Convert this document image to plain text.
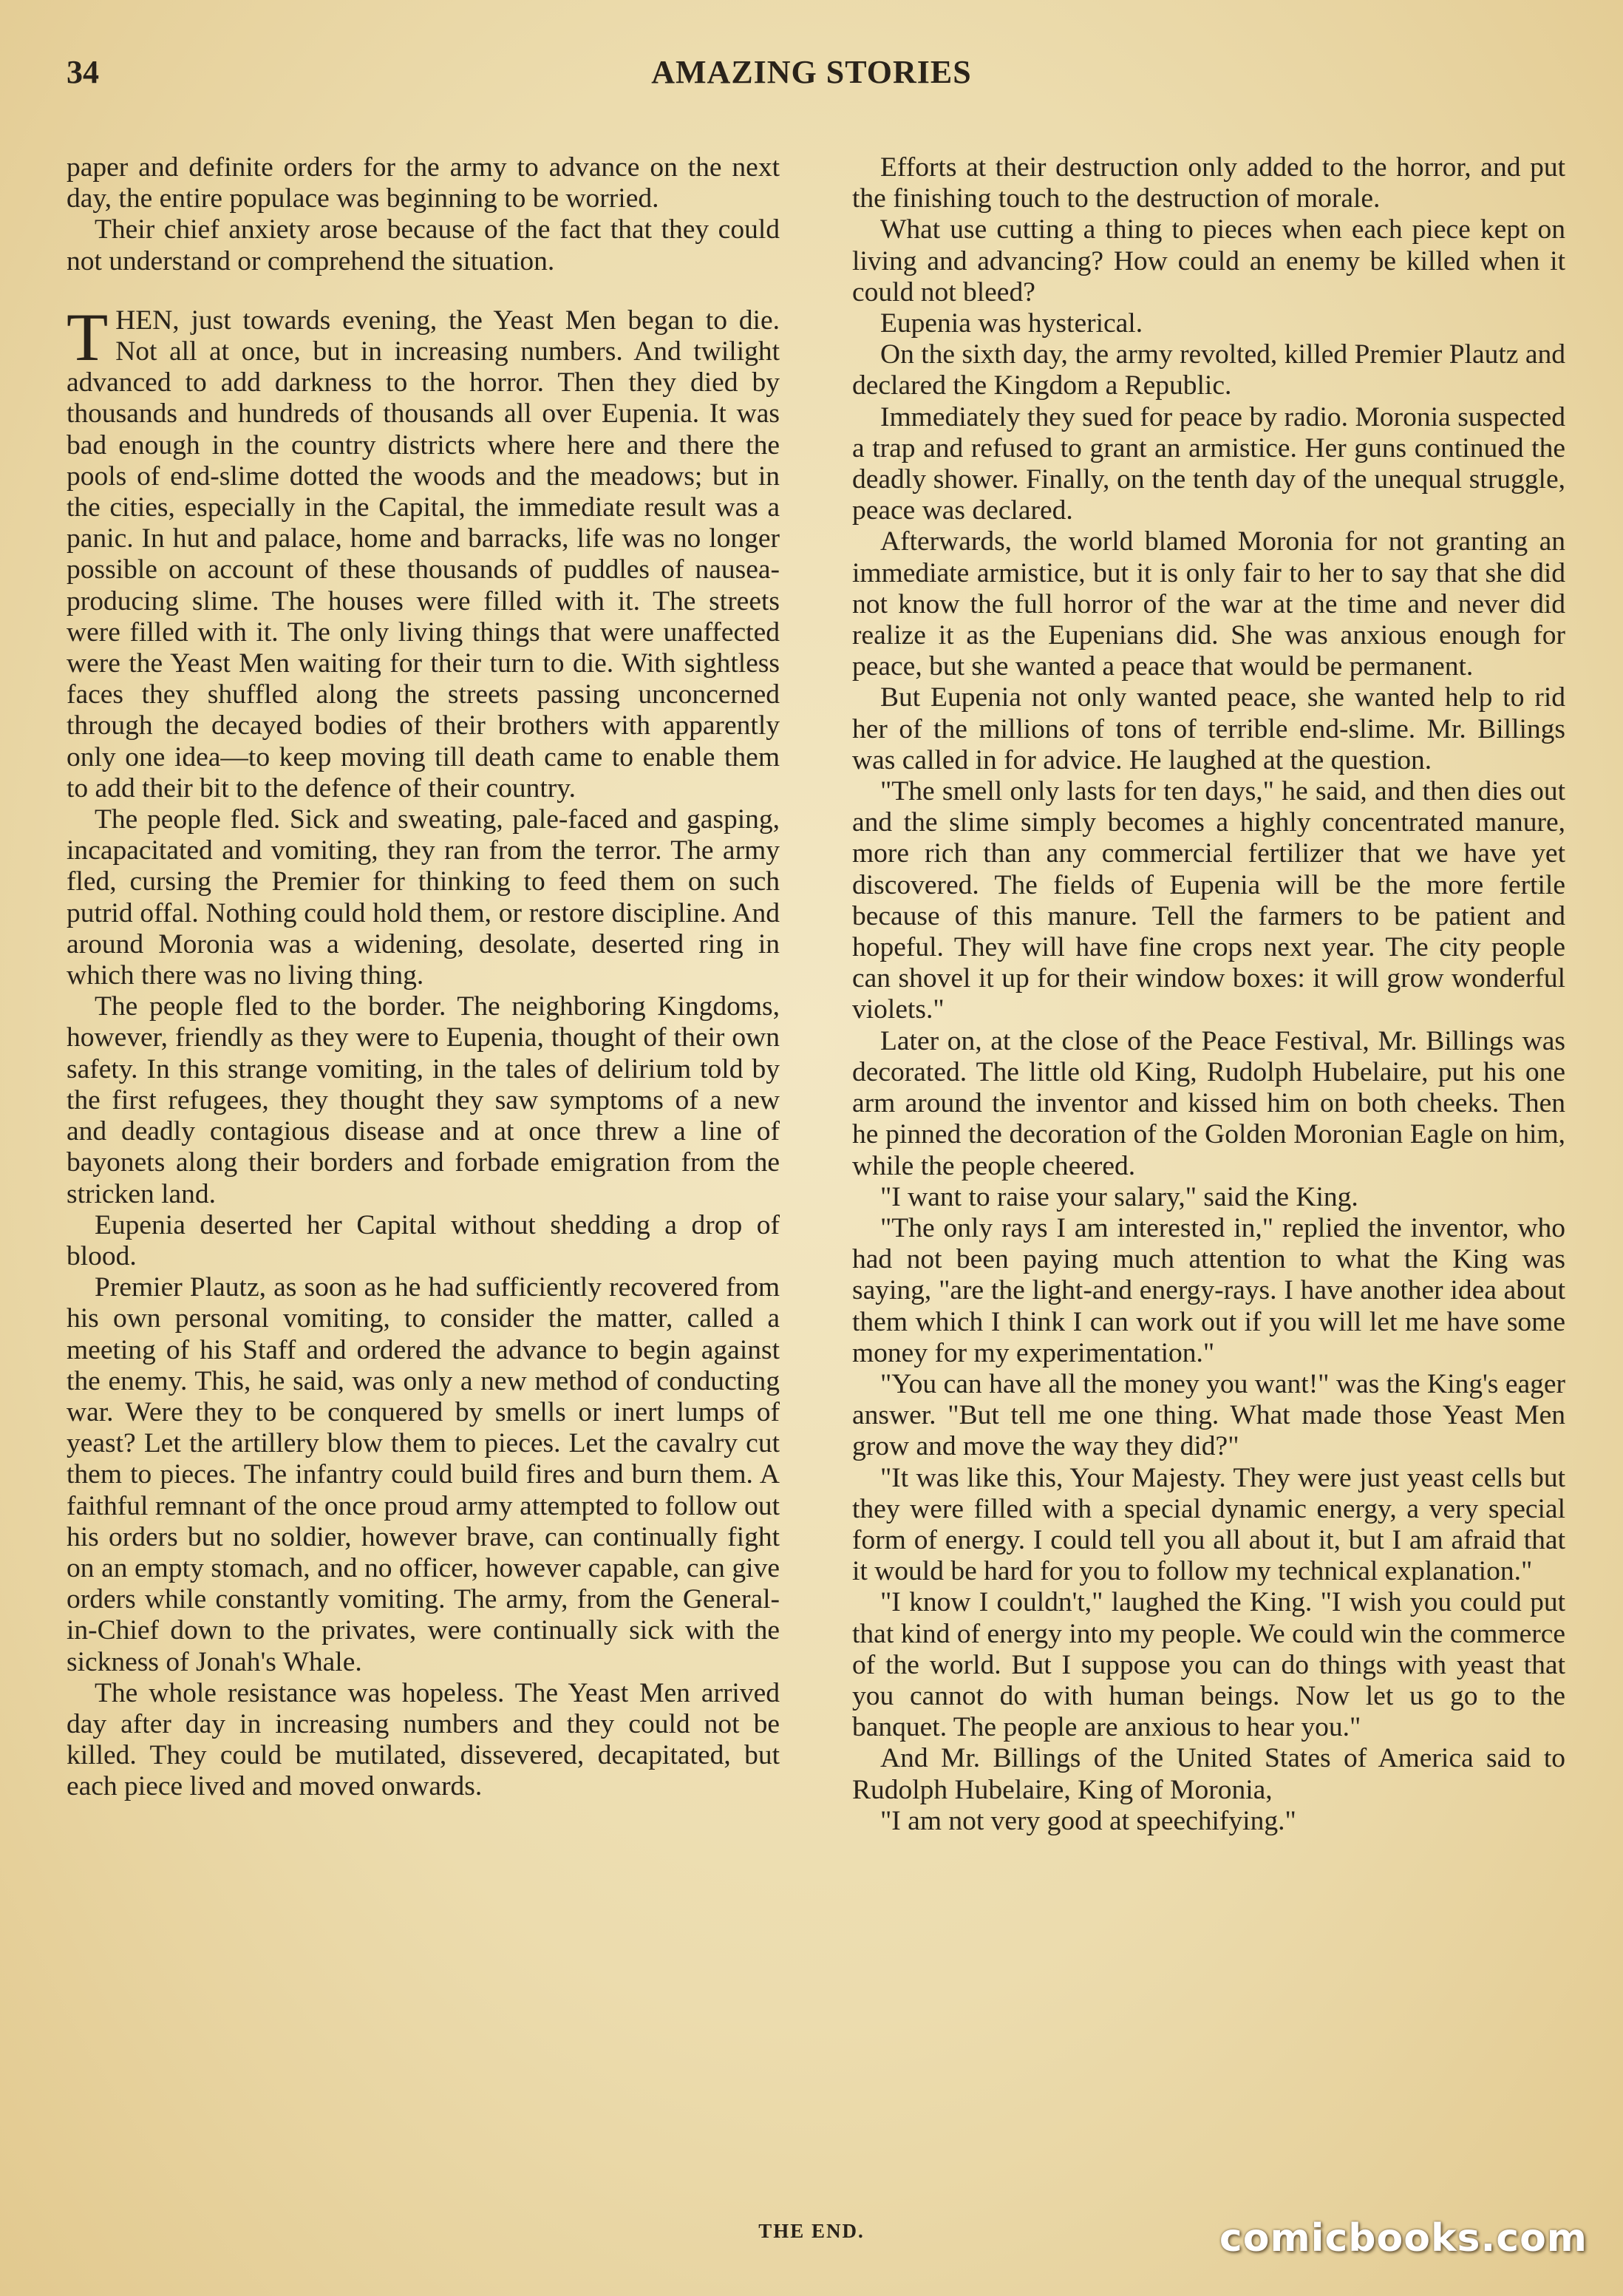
34	AMAZING STORIES

paper and definite orders for the army to advance on the next day, the entire populace was beginning to be worried.

Their chief anxiety arose because of the fact that they could not understand or comprehend the situation.

THEN, just towards evening, the Yeast Men began to die. Not all at once, but in increasing numbers. And twilight advanced to add darkness to the horror. Then they died by thousands and hundreds of thousands all over Eupenia. It was bad enough in the country districts where here and there the pools of end-slime dotted the woods and the meadows; but in the cities, especially in the Capital, the immediate result was a panic. In hut and palace, home and barracks, life was no longer possible on account of these thousands of puddles of nausea-producing slime. The houses were filled with it. The streets were filled with it. The only living things that were unaffected were the Yeast Men waiting for their turn to die. With sightless faces they shuffled along the streets passing unconcerned through the decayed bodies of their brothers with apparently only one idea—to keep moving till death came to enable them to add their bit to the defence of their country.

The people fled. Sick and sweating, pale-faced and gasping, incapacitated and vomiting, they ran from the terror. The army fled, cursing the Premier for thinking to feed them on such putrid offal. Nothing could hold them, or restore discipline. And around Moronia was a widening, desolate, deserted ring in which there was no living thing.

The people fled to the border. The neighboring Kingdoms, however, friendly as they were to Eupenia, thought of their own safety. In this strange vomiting, in the tales of delirium told by the first refugees, they thought they saw symptoms of a new and deadly contagious disease and at once threw a line of bayonets along their borders and forbade emigration from the stricken land.

Eupenia deserted her Capital without shedding a drop of blood.

Premier Plautz, as soon as he had sufficiently recovered from his own personal vomiting, to consider the matter, called a meeting of his Staff and ordered the advance to begin against the enemy. This, he said, was only a new method of conducting war. Were they to be conquered by smells or inert lumps of yeast? Let the artillery blow them to pieces. Let the cavalry cut them to pieces. The infantry could build fires and burn them. A faithful remnant of the once proud army attempted to follow out his orders but no soldier, however brave, can continually fight on an empty stomach, and no officer, however capable, can give orders while constantly vomiting. The army, from the General-in-Chief down to the privates, were continually sick with the sickness of Jonah's Whale.

The whole resistance was hopeless. The Yeast Men arrived day after day in increasing numbers and they could not be killed. They could be mutilated, dissevered, decapitated, but each piece lived and moved onwards.

Efforts at their destruction only added to the horror, and put the finishing touch to the destruction of morale.

What use cutting a thing to pieces when each piece kept on living and advancing? How could an enemy be killed when it could not bleed?

Eupenia was hysterical.

On the sixth day, the army revolted, killed Premier Plautz and declared the Kingdom a Republic.

Immediately they sued for peace by radio. Moronia suspected a trap and refused to grant an armistice. Her guns continued the deadly shower. Finally, on the tenth day of the unequal struggle, peace was declared.

Afterwards, the world blamed Moronia for not granting an immediate armistice, but it is only fair to her to say that she did not know the full horror of the war at the time and never did realize it as the Eupenians did. She was anxious enough for peace, but she wanted a peace that would be permanent.

But Eupenia not only wanted peace, she wanted help to rid her of the millions of tons of terrible end-slime. Mr. Billings was called in for advice. He laughed at the question.

"The smell only lasts for ten days," he said, and then dies out and the slime simply becomes a highly concentrated manure, more rich than any commercial fertilizer that we have yet discovered. The fields of Eupenia will be the more fertile because of this manure. Tell the farmers to be patient and hopeful. They will have fine crops next year. The city people can shovel it up for their window boxes: it will grow wonderful violets."

Later on, at the close of the Peace Festival, Mr. Billings was decorated. The little old King, Rudolph Hubelaire, put his one arm around the inventor and kissed him on both cheeks. Then he pinned the decoration of the Golden Moronian Eagle on him, while the people cheered.

"I want to raise your salary," said the King.

"The only rays I am interested in," replied the inventor, who had not been paying much attention to what the King was saying, "are the light-and energy-rays. I have another idea about them which I think I can work out if you will let me have some money for my experimentation."

"You can have all the money you want!" was the King's eager answer. "But tell me one thing. What made those Yeast Men grow and move the way they did?"

"It was like this, Your Majesty. They were just yeast cells but they were filled with a special dynamic energy, a very special form of energy. I could tell you all about it, but I am afraid that it would be hard for you to follow my technical explanation."

"I know I couldn't," laughed the King. "I wish you could put that kind of energy into my people. We could win the commerce of the world. But I suppose you can do things with yeast that you cannot do with human beings. Now let us go to the banquet. The people are anxious to hear you."

And Mr. Billings of the United States of America said to Rudolph Hubelaire, King of Moronia,

"I am not very good at speechifying."

THE END.	comicbooks.com
